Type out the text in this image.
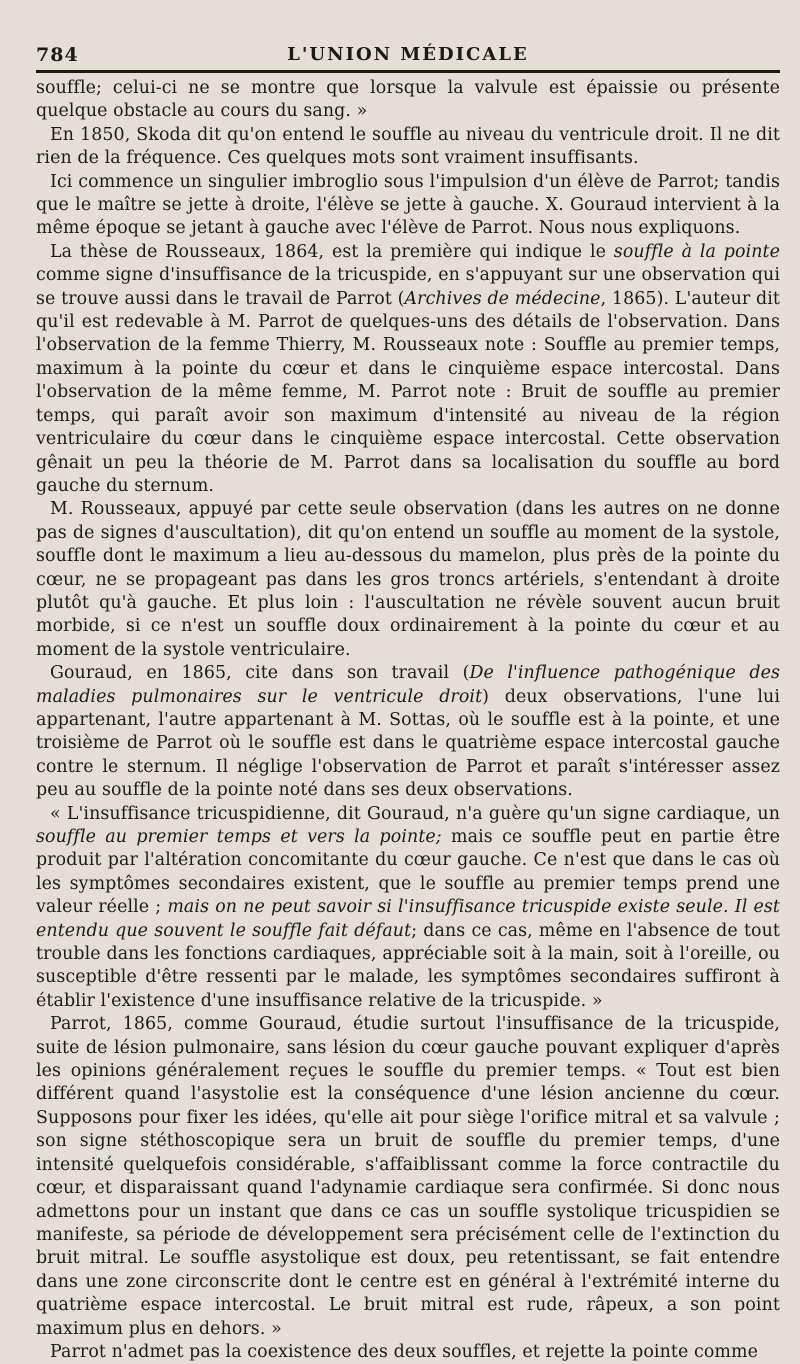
784	L'UNION MÉDICALE

souffle; celui-ci ne se montre que lorsque la valvule est épaissie ou présente quelque obstacle au cours du sang. »

En 1850, Skoda dit qu'on entend le souffle au niveau du ventricule droit. Il ne dit rien de la fréquence. Ces quelques mots sont vraiment insuffisants.

Ici commence un singulier imbroglio sous l'impulsion d'un élève de Parrot; tandis que le maître se jette à droite, l'élève se jette à gauche. X. Gouraud intervient à la même époque se jetant à gauche avec l'élève de Parrot. Nous nous expliquons.

La thèse de Rousseaux, 1864, est la première qui indique le souffle à la pointe comme signe d'insuffisance de la tricuspide, en s'appuyant sur une observation qui se trouve aussi dans le travail de Parrot (Archives de médecine, 1865). L'auteur dit qu'il est redevable à M. Parrot de quelques-uns des détails de l'observation. Dans l'observation de la femme Thierry, M. Rousseaux note : Souffle au premier temps, maximum à la pointe du cœur et dans le cinquième espace intercostal. Dans l'observation de la même femme, M. Parrot note : Bruit de souffle au premier temps, qui paraît avoir son maximum d'intensité au niveau de la région ventriculaire du cœur dans le cinquième espace intercostal. Cette observation gênait un peu la théorie de M. Parrot dans sa localisation du souffle au bord gauche du sternum.

M. Rousseaux, appuyé par cette seule observation (dans les autres on ne donne pas de signes d'auscultation), dit qu'on entend un souffle au moment de la systole, souffle dont le maximum a lieu au-dessous du mamelon, plus près de la pointe du cœur, ne se propageant pas dans les gros troncs artériels, s'entendant à droite plutôt qu'à gauche. Et plus loin : l'auscultation ne révèle souvent aucun bruit morbide, si ce n'est un souffle doux ordinairement à la pointe du cœur et au moment de la systole ventriculaire.

Gouraud, en 1865, cite dans son travail (De l'influence pathogénique des maladies pulmonaires sur le ventricule droit) deux observations, l'une lui appartenant, l'autre appartenant à M. Sottas, où le souffle est à la pointe, et une troisième de Parrot où le souffle est dans le quatrième espace intercostal gauche contre le sternum. Il néglige l'observation de Parrot et paraît s'intéresser assez peu au souffle de la pointe noté dans ses deux observations.

« L'insuffisance tricuspidienne, dit Gouraud, n'a guère qu'un signe cardiaque, un souffle au premier temps et vers la pointe; mais ce souffle peut en partie être produit par l'altération concomitante du cœur gauche. Ce n'est que dans le cas où les symptômes secondaires existent, que le souffle au premier temps prend une valeur réelle ; mais on ne peut savoir si l'insuffisance tricuspide existe seule. Il est entendu que souvent le souffle fait défaut; dans ce cas, même en l'absence de tout trouble dans les fonctions cardiaques, appréciable soit à la main, soit à l'oreille, ou susceptible d'être ressenti par le malade, les symptômes secondaires suffiront à établir l'existence d'une insuffisance relative de la tricuspide. »

Parrot, 1865, comme Gouraud, étudie surtout l'insuffisance de la tricuspide, suite de lésion pulmonaire, sans lésion du cœur gauche pouvant expliquer d'après les opinions généralement reçues le souffle du premier temps. « Tout est bien différent quand l'asystolie est la conséquence d'une lésion ancienne du cœur. Supposons pour fixer les idées, qu'elle ait pour siège l'orifice mitral et sa valvule ; son signe stéthoscopique sera un bruit de souffle du premier temps, d'une intensité quelquefois considérable, s'affaiblissant comme la force contractile du cœur, et disparaissant quand l'adynamie cardiaque sera confirmée. Si donc nous admettons pour un instant que dans ce cas un souffle systolique tricuspidien se manifeste, sa période de développement sera précisément celle de l'extinction du bruit mitral. Le souffle asystolique est doux, peu retentissant, se fait entendre dans une zone circonscrite dont le centre est en général à l'extrémité interne du quatrième espace intercostal. Le bruit mitral est rude, râpeux, a son point maximum plus en dehors. »

Parrot n'admet pas la coexistence des deux souffles, et rejette la pointe comme
